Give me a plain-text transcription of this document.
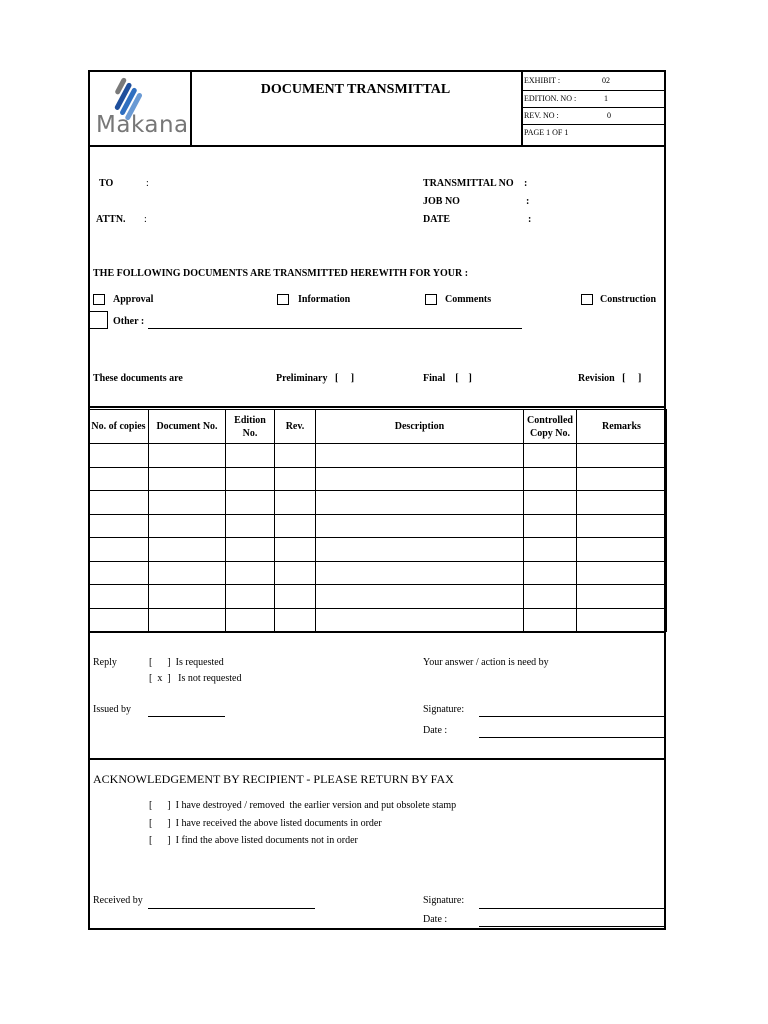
Makana
DOCUMENT TRANSMITTAL
EXHIBIT :	02
EDITION. NO :	1
REV. NO :	0
PAGE 1 OF 1
TO	:
ATTN. :
TRANSMITTAL NO :
JOB NO	:
DATE	:
THE FOLLOWING DOCUMENTS ARE TRANSMITTED HEREWITH FOR YOUR :
Approval	Information	Comments	Construction
Other :
These documents are	Preliminary   [     ]	Final    [    ]	Revision   [     ]
No. of copies	Document No.	Edition No.	Rev.	Description	Controlled Copy No.	Remarks

Reply	[      ]  Is requested
[  x  ]   Is not requested
Your answer / action is need by
Issued by	Signature:
Date :
ACKNOWLEDGEMENT BY RECIPIENT - PLEASE RETURN BY FAX
[      ]  I have destroyed / removed  the earlier version and put obsolete stamp
[      ]  I have received the above listed documents in order
[      ]  I find the above listed documents not in order
Received by	Signature:
Date :
